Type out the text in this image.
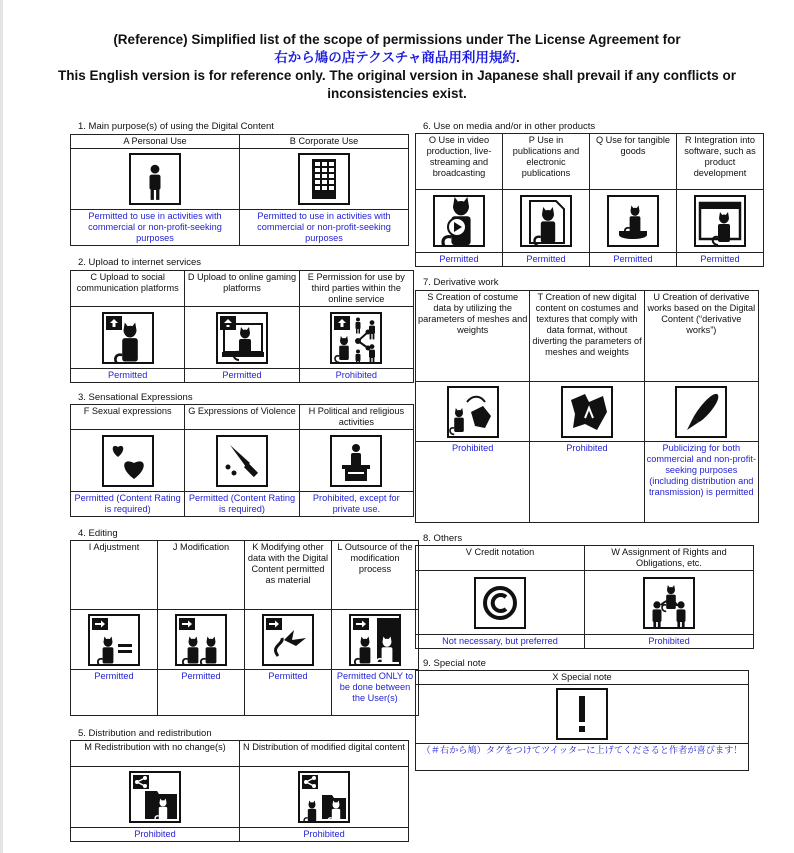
(Reference) Simplified list of the scope of permissions under The License Agreement for
右から鳩の店テクスチャ商品用利用規約.
This English version is for reference only. The original version in Japanese shall prevail if any conflicts or inconsistencies exist.
1. Main purpose(s) of using the Digital Content
A Personal Use	B Corporate Use

Permitted to use in activities with commercial or non-profit-seeking purposes	Permitted to use in activities with commercial or non-profit-seeking purposes
2. Upload to internet services
C Upload to social communication platforms	D Upload to online gaming platforms	E Permission for use by third parties within the online service

Permitted	Permitted	Prohibited
3. Sensational Expressions
F Sexual expressions	G Expressions of Violence	H Political and religious activities

Permitted (Content Rating is required)	Permitted (Content Rating is required)	Prohibited, except for private use.
4. Editing
I Adjustment	J Modification	K Modifying other data with the Digital Content permitted as material	L Outsource of the modification process

Permitted	Permitted	Permitted	Permitted ONLY to be done between the User(s)
5. Distribution and redistribution
M Redistribution with no change(s)	N Distribution of modified digital content

Prohibited	Prohibited
6. Use on media and/or in other products
O Use in video production, live-streaming and broadcasting	P Use in publications and electronic publications	Q Use for tangible goods	R Integration into software, such as product development

Permitted	Permitted	Permitted	Permitted
7. Derivative work
S Creation of costume data by utilizing the parameters of meshes and weights	T Creation of new digital content on costumes and textures that comply with data format, without diverting the parameters of meshes and weights	U Creation of derivative works based on the Digital Content (“derivative works”)

Prohibited	Prohibited	Publicizing for both commercial and non-profit-seeking purposes (including distribution and transmission) is permitted
8. Others
V Credit notation	W Assignment of Rights and Obligations, etc.

Not necessary, but preferred	Prohibited
9. Special note
X Special note

（＃右から鳩）タグをつけてツイッターに上げてくださると作者が喜びます！
